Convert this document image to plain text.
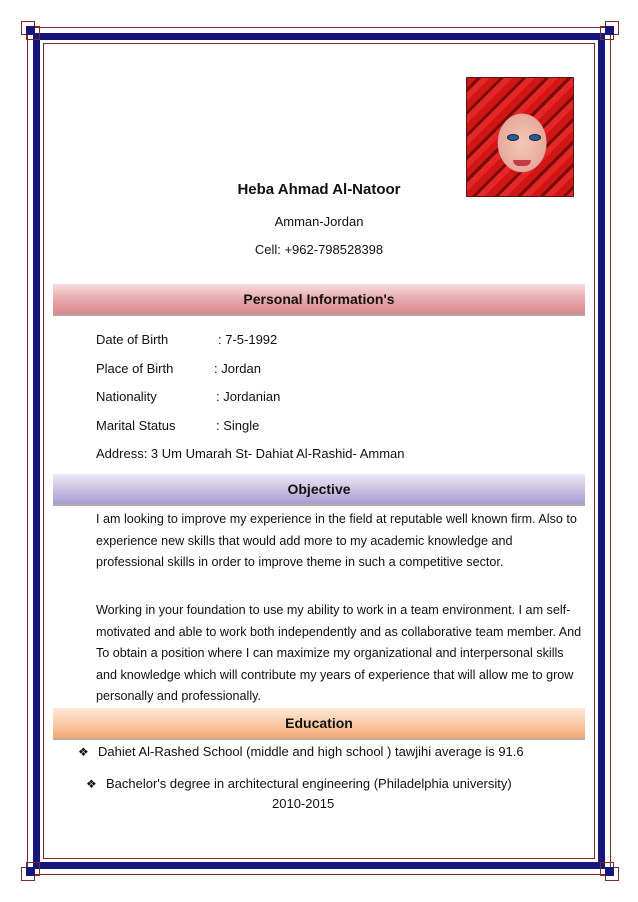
Heba Ahmad Al-Natoor
Amman-Jordan
Cell: +962-798528398
Personal Information's
Date of Birth	: 7-5-1992
Place of Birth	: Jordan
Nationality	: Jordanian
Marital Status	: Single
Address: 3 Um Umarah St- Dahiat Al-Rashid- Amman
Objective

I am looking to improve my experience in the field at reputable well known firm. Also to experience new skills that would add more to my academic knowledge and professional skills in order to improve theme in such a competitive sector.

Working in your foundation to use my ability to work in a team environment. I am self-motivated and able to work both independently and as collaborative team member. And To obtain a position where I can maximize my organizational and interpersonal skills and knowledge which will contribute my years of experience that will allow me to grow personally and professionally.

Education
❖ Dahiet Al-Rashed School (middle and high school ) tawjihi average is 91.6
❖ Bachelor's degree in architectural engineering (Philadelphia university)
2010-2015
